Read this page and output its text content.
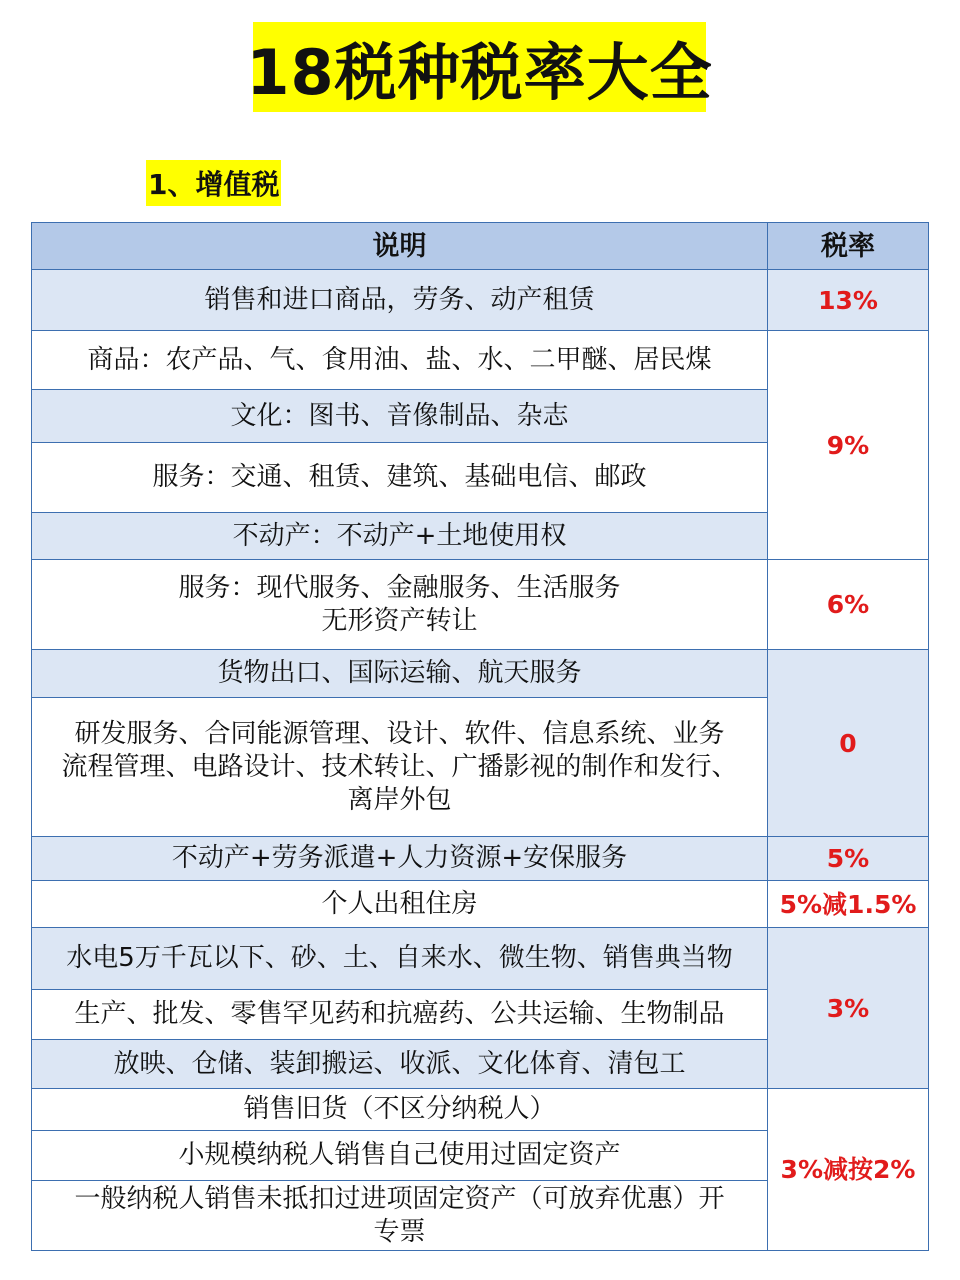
18税种税率大全
1、增值税
说明	税率
销售和进口商品，劳务、动产租赁	13%
商品：农产品、气、食用油、盐、水、二甲醚、居民煤	9%
文化：图书、音像制品、杂志	
服务：交通、租赁、建筑、基础电信、邮政	
不动产：不动产+土地使用权	

服务：现代服务、金融服务、生活服务
无形资产转让	6%
货物出口、国际运输、航天服务	0

研发服务、合同能源管理、设计、软件、信息系统、业务
流程管理、电路设计、技术转让、广播影视的制作和发行、
离岸外包	

不动产+劳务派遣+人力资源+安保服务	5%
个人出租住房	5%减1.5%
水电5万千瓦以下、砂、土、自来水、微生物、销售典当物	3%
生产、批发、零售罕见药和抗癌药、公共运输、生物制品	
放映、仓储、装卸搬运、收派、文化体育、清包工	
销售旧货（不区分纳税人）	3%减按2%
小规模纳税人销售自己使用过固定资产	

一般纳税人销售未抵扣过进项固定资产（可放弃优惠）开
专票	
